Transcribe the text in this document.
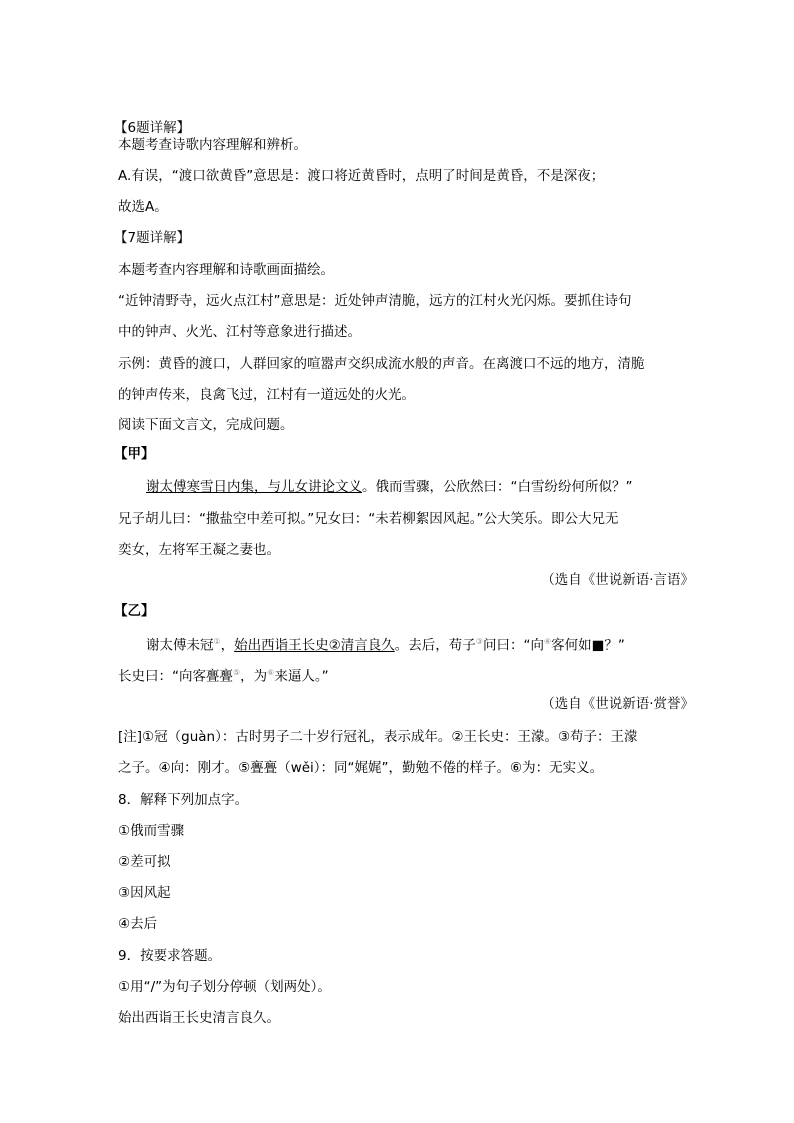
【6题详解】
本题考查诗歌内容理解和辨析。
A.有误，“渡口欲黄昏”意思是：渡口将近黄昏时，点明了时间是黄昏，不是深夜；
故选A。
【7题详解】
本题考查内容理解和诗歌画面描绘。
“近钟清野寺，远火点江村”意思是：近处钟声清脆，远方的江村火光闪烁。要抓住诗句
中的钟声、火光、江村等意象进行描述。
示例：黄昏的渡口，人群回家的喧嚣声交织成流水般的声音。在离渡口不远的地方，清脆
的钟声传来，良禽飞过，江村有一道远处的火光。
阅读下面文言文，完成问题。
【甲】
谢太傅寒雪日内集，与儿女讲论文义。俄而雪骤，公欣然曰：“白雪纷纷何所似？”
兄子胡儿曰：“撒盐空中差可拟。”兄女曰：“未若柳絮因风起。”公大笑乐。即公大兄无
奕女，左将军王凝之妻也。
（选自《世说新语·言语》
【乙】
谢太傅未冠①，始出西诣王长史②清言良久。去后，苟子③问曰：“向④客何如■？”
长史曰：“向客亹亹⑤，为⑥来逼人。”
（选自《世说新语·赏誉》
[注]①冠（guàn）：古时男子二十岁行冠礼，表示成年。②王长史：王濛。③苟子：王濛
之子。④向：刚才。⑤亹亹（wěi）：同“娓娓”，勤勉不倦的样子。⑥为：无实义。
8．解释下列加点字。
①俄而雪骤
②差可拟
③因风起
④去后
9．按要求答题。
①用“/”为句子划分停顿（划两处）。
始出西诣王长史清言良久。
